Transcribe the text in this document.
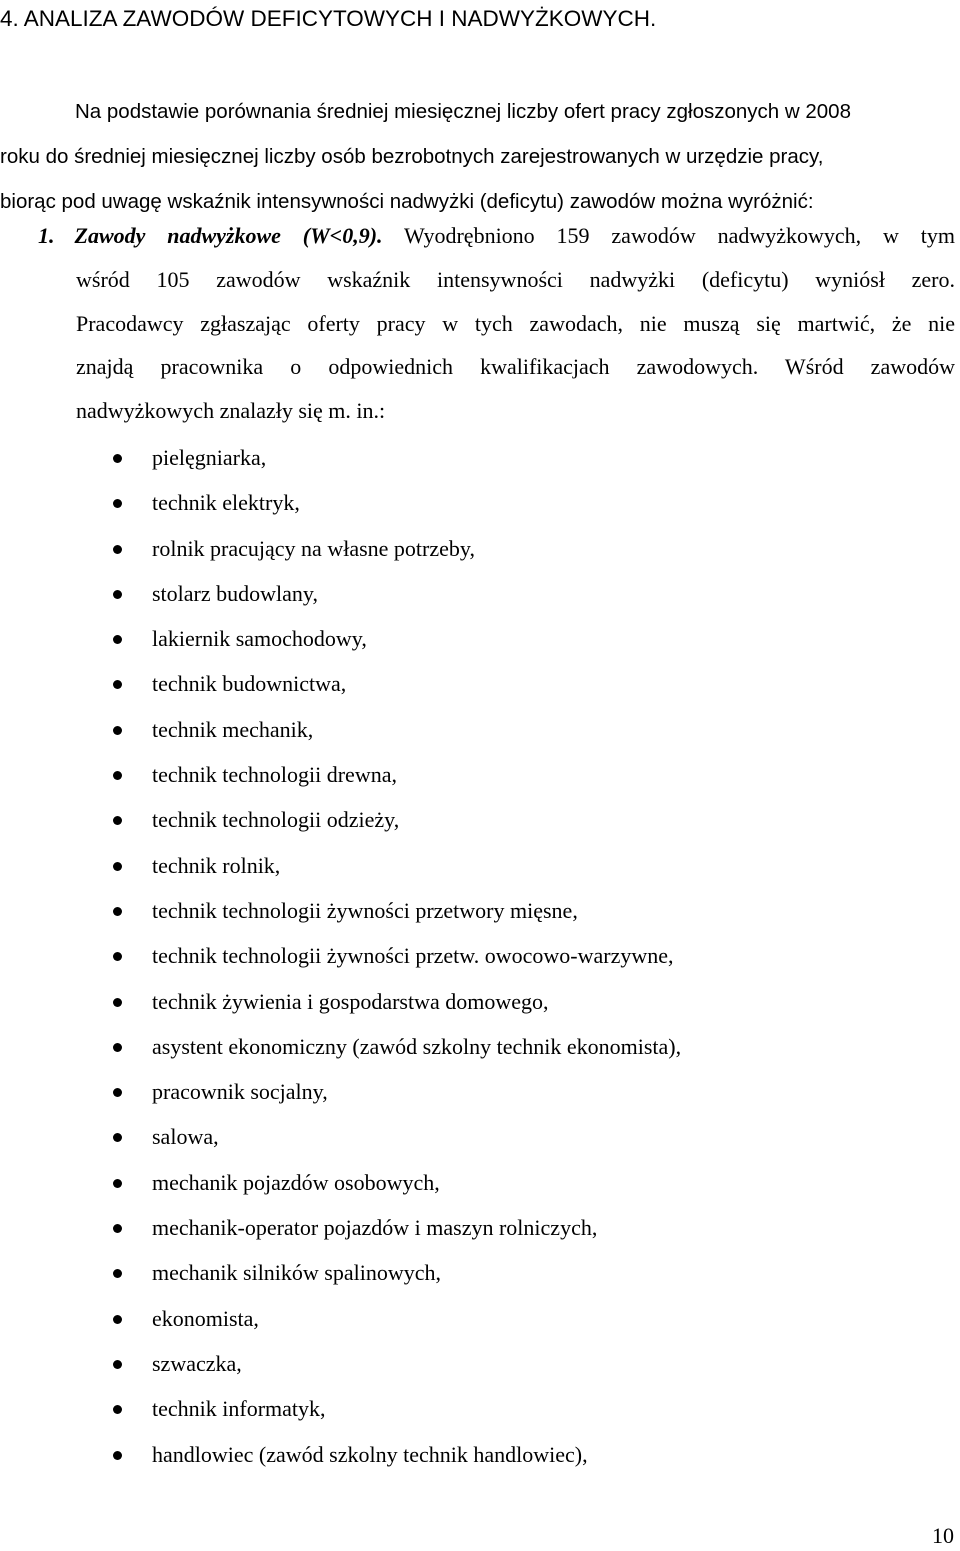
4. ANALIZA ZAWODÓW DEFICYTOWYCH I NADWYŻKOWYCH.

Na podstawie porównania średniej miesięcznej liczby ofert pracy zgłoszonych w 2008
roku do średniej miesięcznej liczby osób bezrobotnych zarejestrowanych w urzędzie pracy,
biorąc pod uwagę wskaźnik intensywności nadwyżki (deficytu) zawodów można wyróżnić:

1. Zawody nadwyżkowe (W<0,9). Wyodrębniono 159 zawodów nadwyżkowych, w tym
wśród 105 zawodów wskaźnik intensywności nadwyżki (deficytu) wyniósł zero.
Pracodawcy zgłaszając oferty pracy w tych zawodach, nie muszą się martwić, że nie
znajdą pracownika o odpowiednich kwalifikacjach zawodowych. Wśród zawodów
nadwyżkowych znalazły się m. in.:
pielęgniarka,
technik elektryk,
rolnik pracujący na własne potrzeby,
stolarz budowlany,
lakiernik samochodowy,
technik budownictwa,
technik mechanik,
technik technologii drewna,
technik technologii odzieży,
technik rolnik,
technik technologii żywności przetwory mięsne,
technik technologii żywności przetw. owocowo-warzywne,
technik żywienia i gospodarstwa domowego,
asystent ekonomiczny (zawód szkolny technik ekonomista),
pracownik socjalny,
salowa,
mechanik pojazdów osobowych,
mechanik-operator pojazdów i maszyn rolniczych,
mechanik silników spalinowych,
ekonomista,
szwaczka,
technik informatyk,
handlowiec (zawód szkolny technik handlowiec),
10
